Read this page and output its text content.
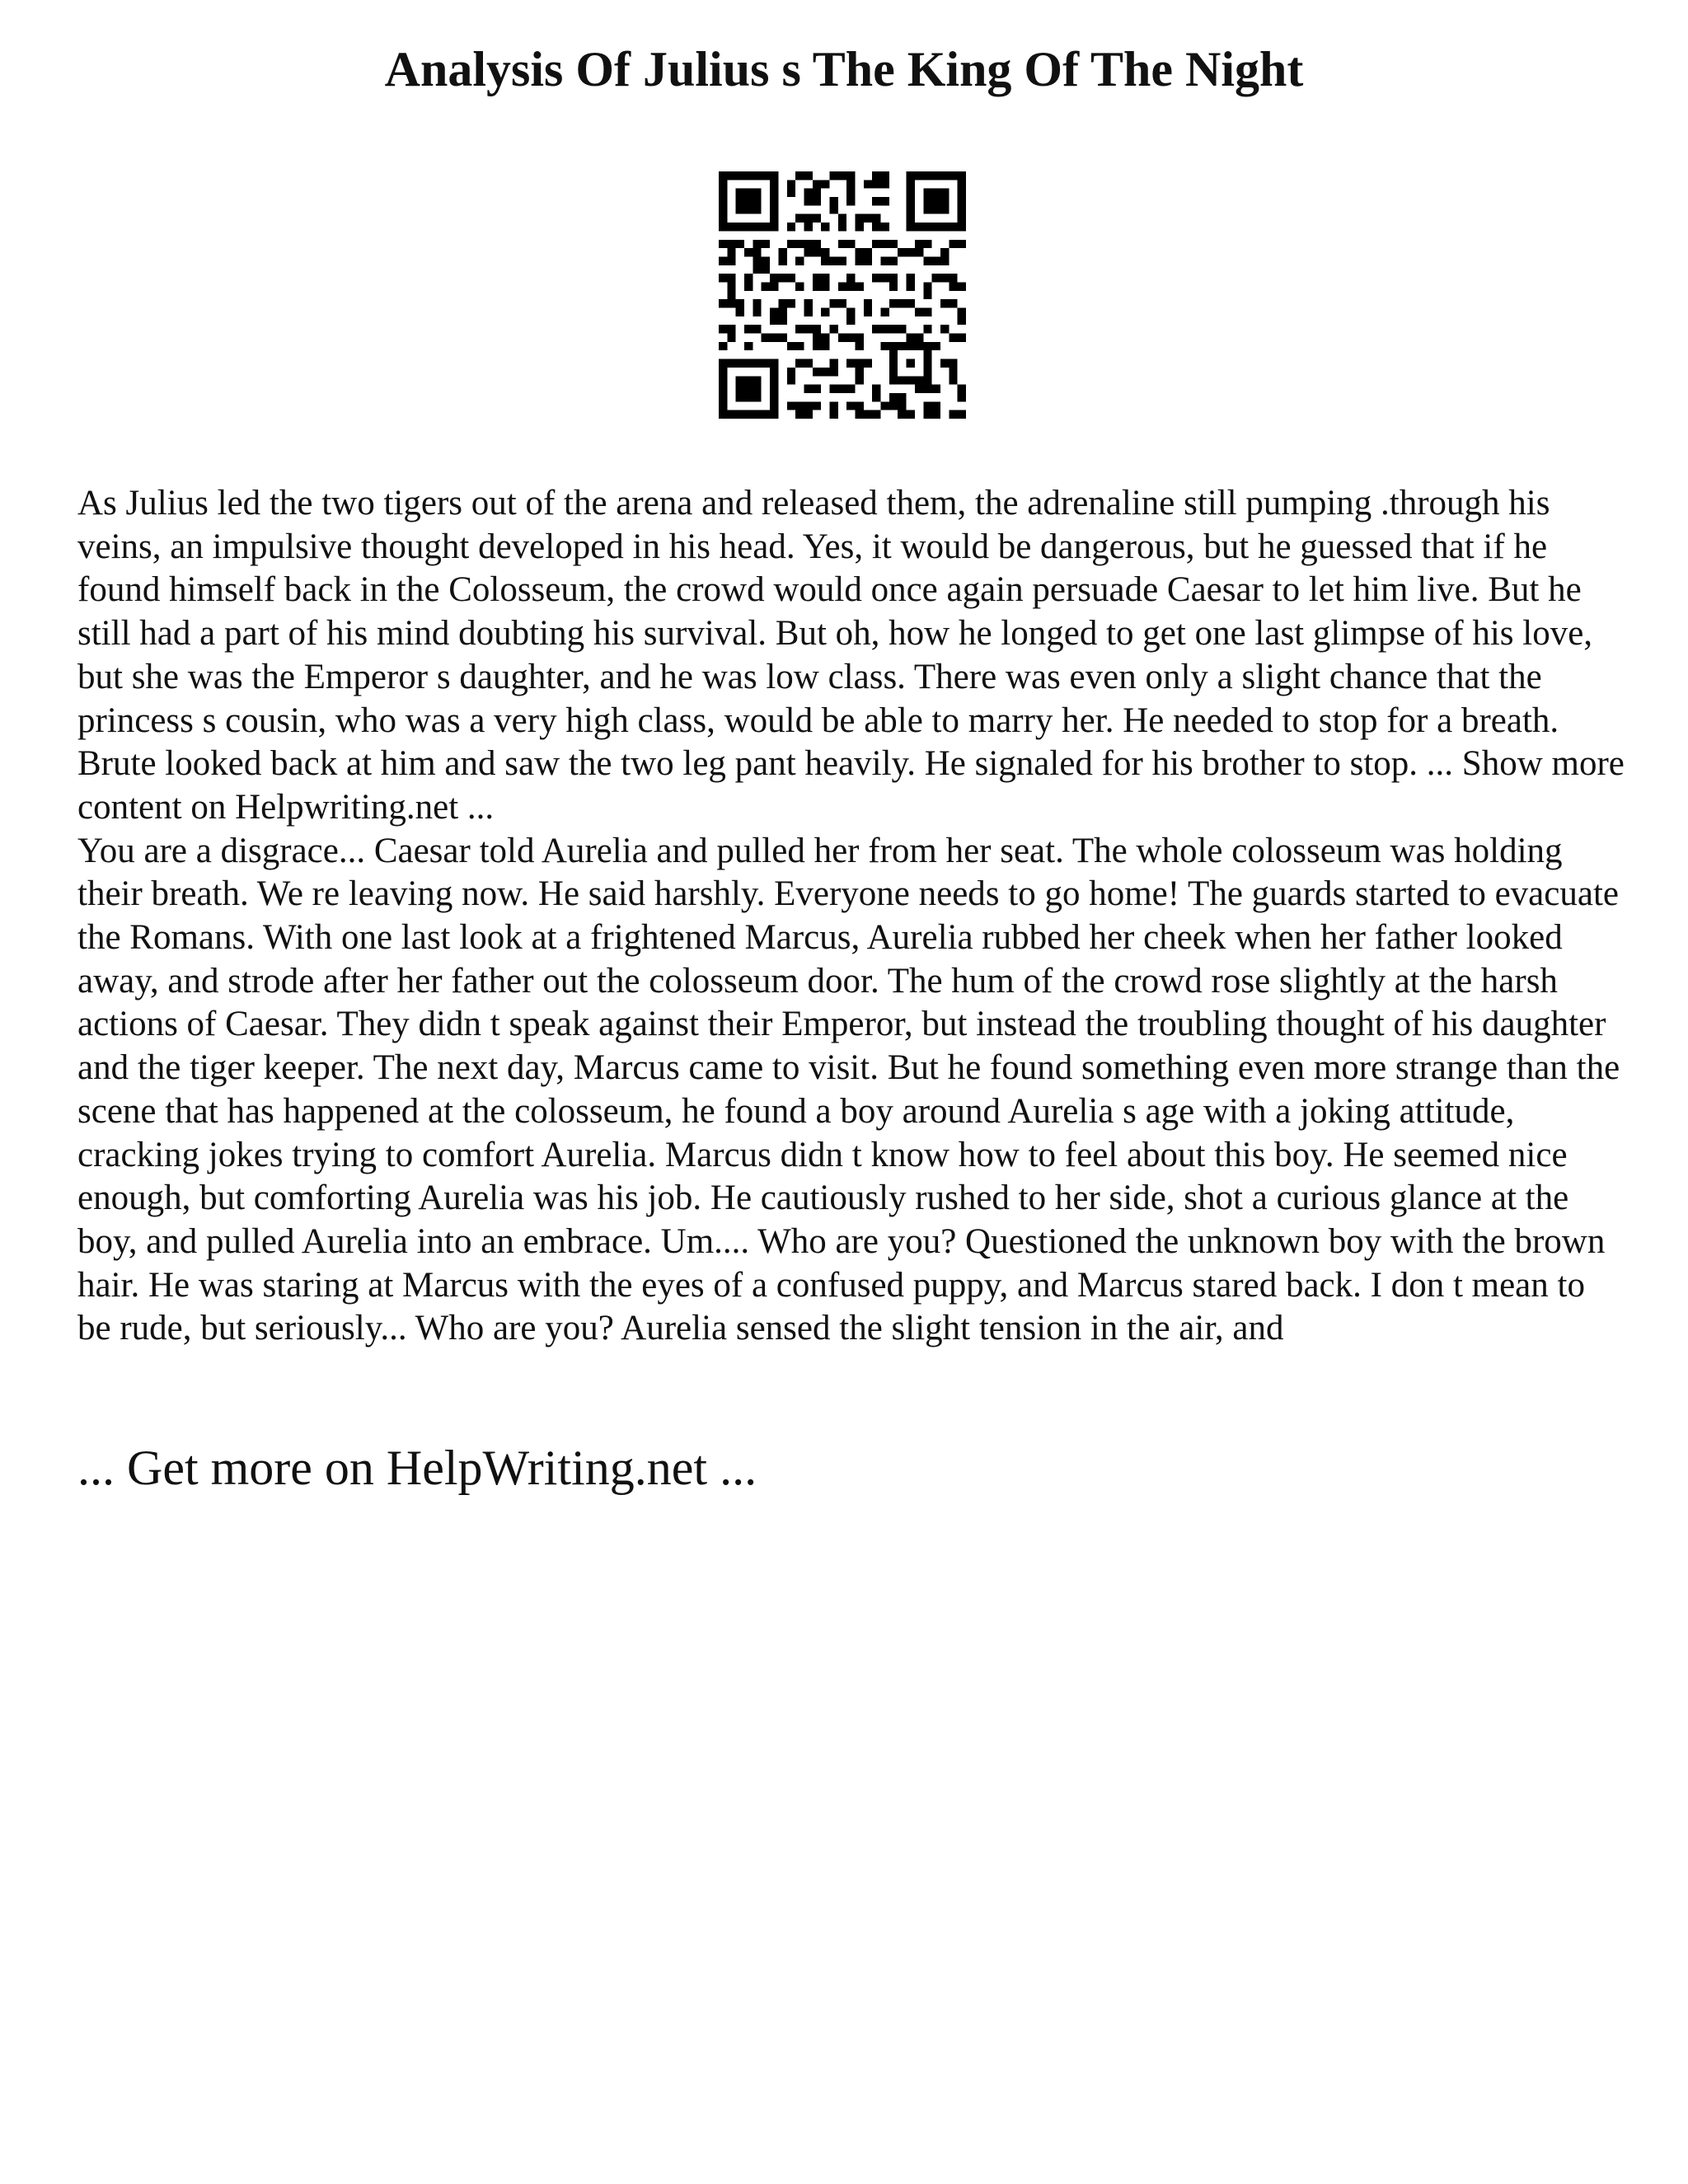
Analysis Of Julius s The King Of The Night

As Julius led the two tigers out of the arena and released them, the adrenaline still pumping .through his veins, an impulsive thought developed in his head. Yes, it would be dangerous, but he guessed that if he found himself back in the Colosseum, the crowd would once again persuade Caesar to let him live. But he still had a part of his mind doubting his survival. But oh, how he longed to get one last glimpse of his love, but she was the Emperor s daughter, and he was low class. There was even only a slight chance that the princess s cousin, who was a very high class, would be able to marry her. He needed to stop for a breath. Brute looked back at him and saw the two leg pant heavily. He signaled for his brother to stop. ... Show more content on Helpwriting.net ...

You are a disgrace... Caesar told Aurelia and pulled her from her seat. The whole colosseum was holding their breath. We re leaving now. He said harshly. Everyone needs to go home! The guards started to evacuate the Romans. With one last look at a frightened Marcus, Aurelia rubbed her cheek when her father looked away, and strode after her father out the colosseum door. The hum of the crowd rose slightly at the harsh actions of Caesar. They didn t speak against their Emperor, but instead the troubling thought of his daughter and the tiger keeper. The next day, Marcus came to visit. But he found something even more strange than the scene that has happened at the colosseum, he found a boy around Aurelia s age with a joking attitude, cracking jokes trying to comfort Aurelia. Marcus didn t know how to feel about this boy. He seemed nice enough, but comforting Aurelia was his job. He cautiously rushed to her side, shot a curious glance at the boy, and pulled Aurelia into an embrace. Um.... Who are you? Questioned the unknown boy with the brown hair. He was staring at Marcus with the eyes of a confused puppy, and Marcus stared back. I don t mean to be rude, but seriously... Who are you? Aurelia sensed the slight tension in the air, and

... Get more on HelpWriting.net ...
